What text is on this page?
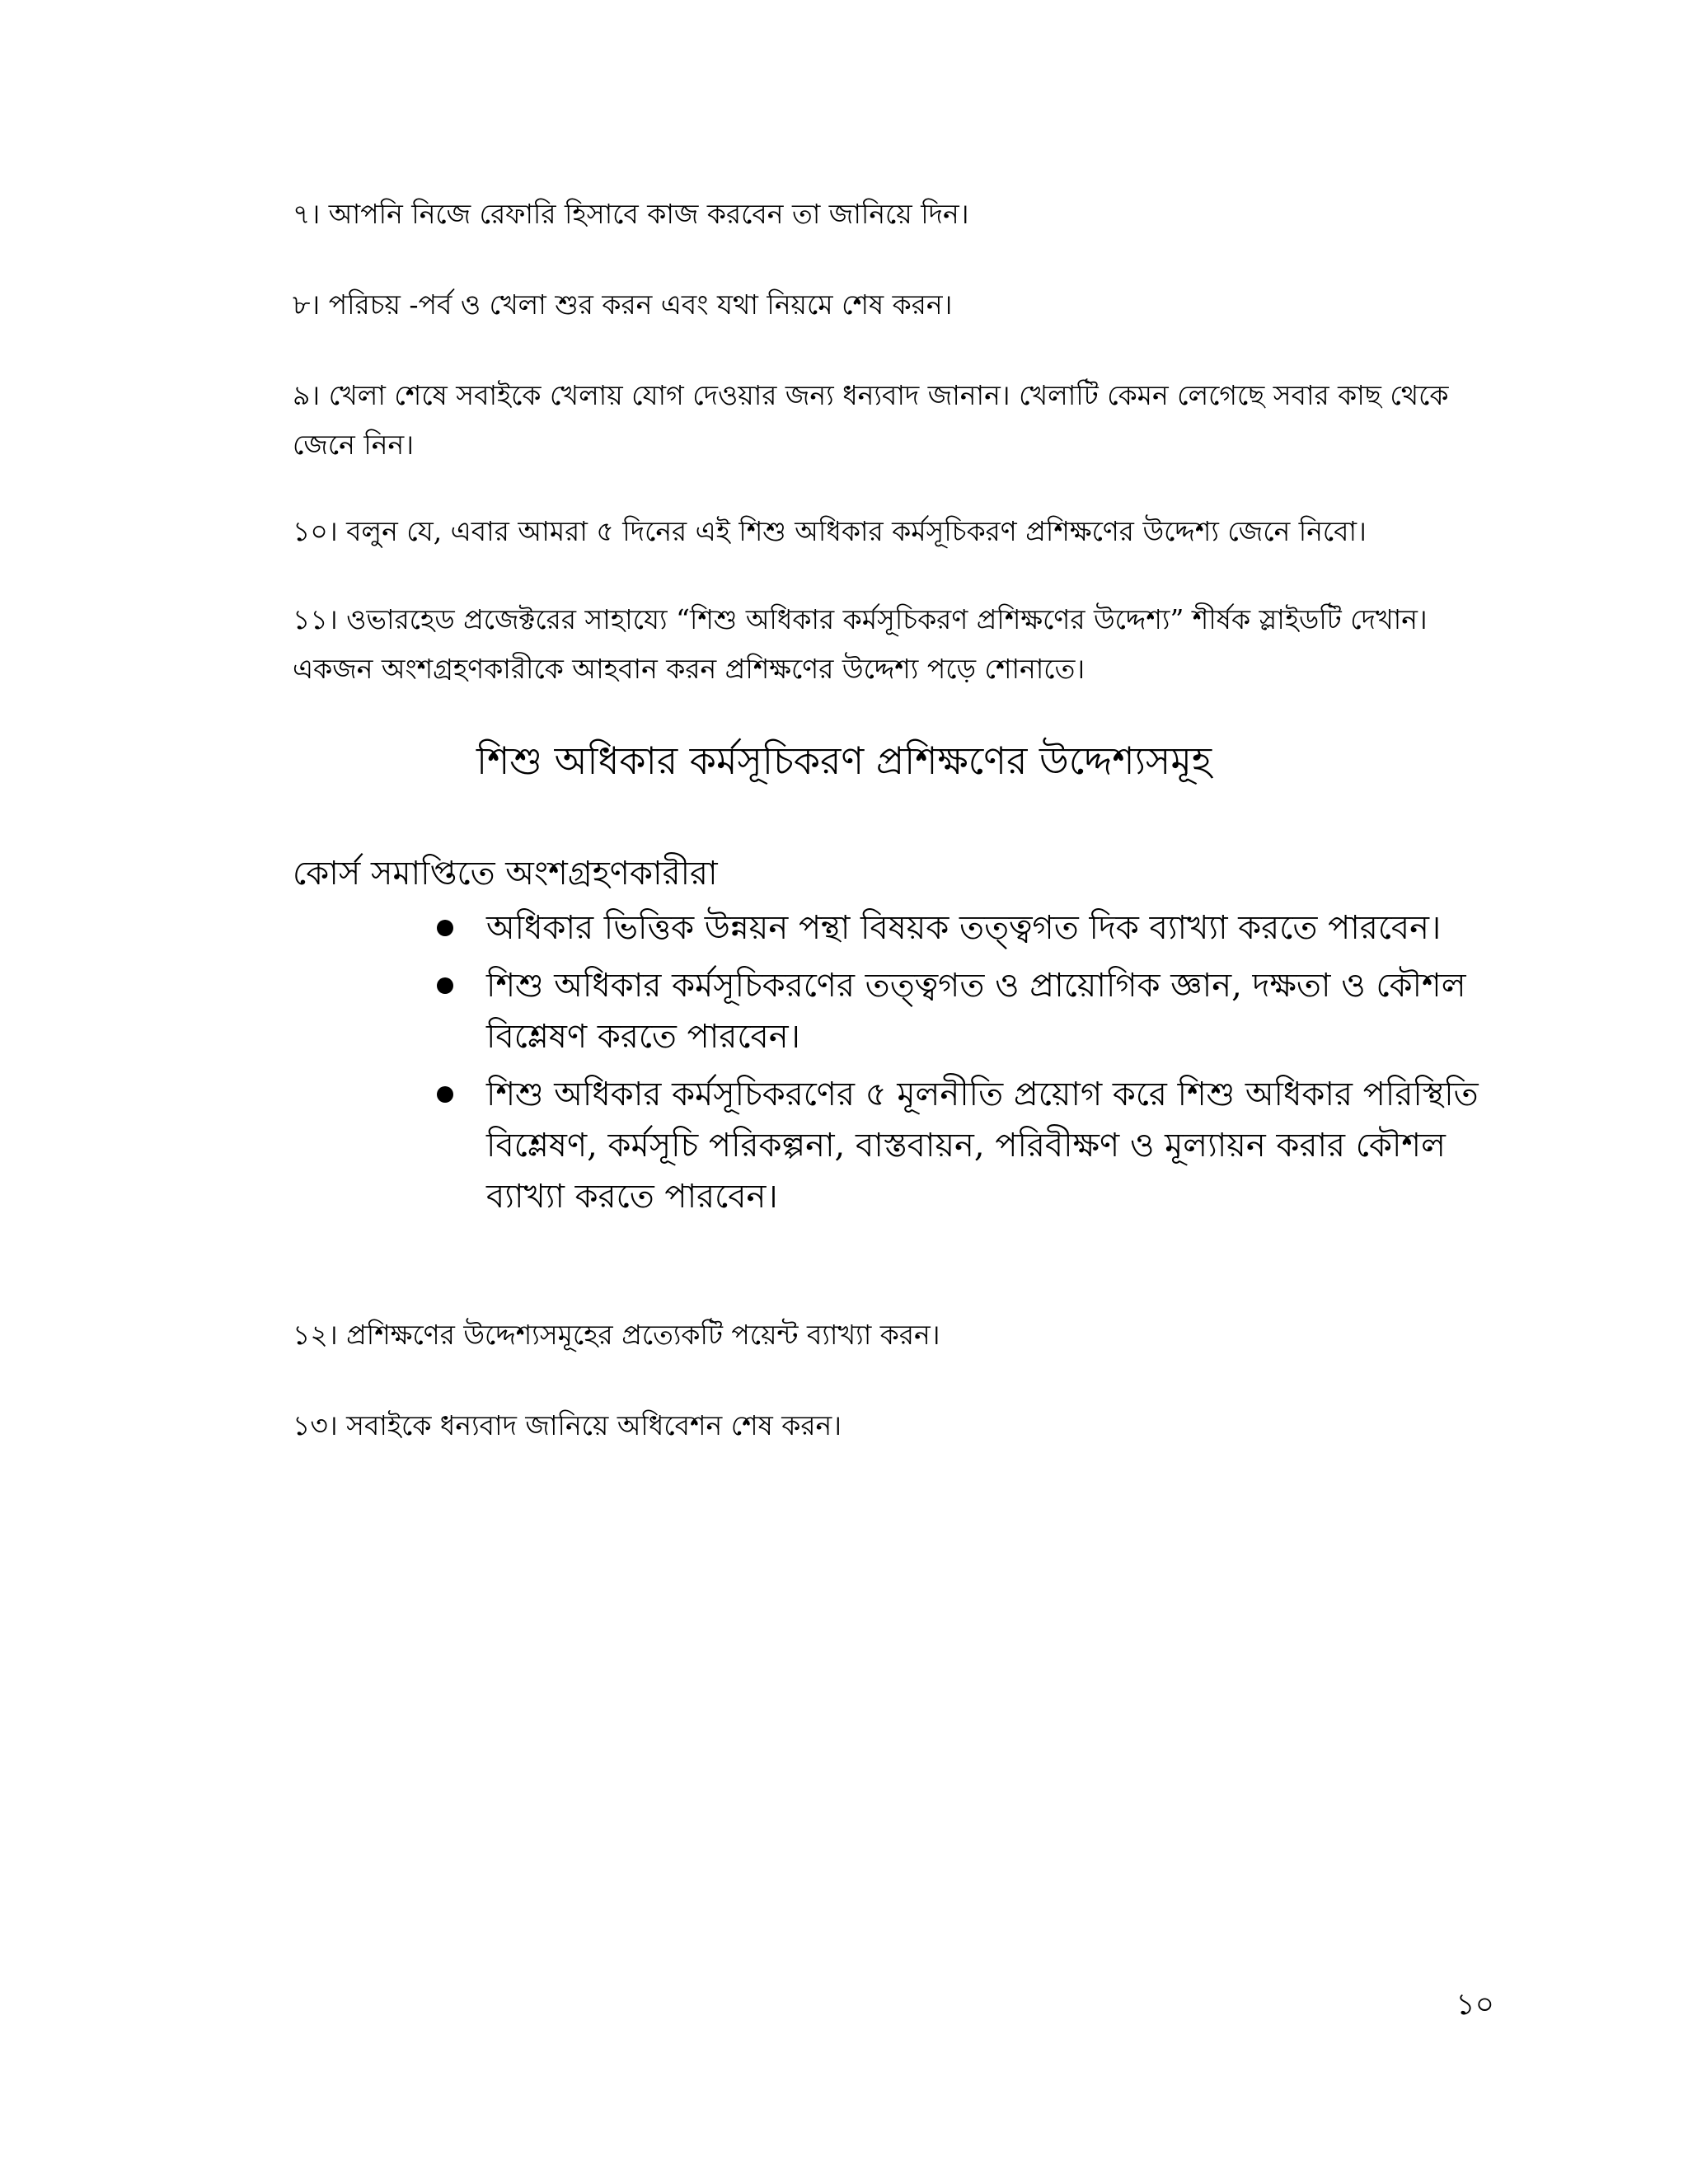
৭। আপনি নিজে রেফারি হিসাবে কাজ করবেন তা জানিয়ে দিন।

৮। পরিচয় -পর্ব ও খেলা শুর করন এবং যথা নিয়মে শেষ করন।

৯। খেলা শেষে সবাইকে খেলায় যোগ দেওয়ার জন্য ধন্যবাদ জানান। খেলাটি কেমন লেগেছে সবার কাছ থেকে জেনে নিন।

১০। বলুন যে, এবার আমরা ৫ দিনের এই শিশু অধিকার কর্মসূচিকরণ প্রশিক্ষণের উদ্দেশ্য জেনে নিবো।

১১। ওভারহেড প্রজেক্টরের সাহায্যে “শিশু অধিকার কর্মসূচিকরণ প্রশিক্ষণের উদ্দেশ্য” শীর্ষক স্লাইডটি দেখান। একজন অংশগ্রহণকারীকে আহবান করন প্রশিক্ষণের উদ্দেশ্য পড়ে শোনাতে।

শিশু অধিকার কর্মসূচিকরণ প্রশিক্ষণের উদ্দেশ্যসমূহ

কোর্স সমাপ্তিতে অংশগ্রহণকারীরা

অধিকার ভিত্তিক উন্নয়ন পন্থা বিষয়ক তত্ত্বগত দিক ব্যাখ্যা করতে পারবেন।
শিশু অধিকার কর্মসূচিকরণের তত্ত্বগত ও প্রায়োগিক জ্ঞান, দক্ষতা ও কৌশল বিশ্লেষণ করতে পারবেন।
শিশু অধিকার কর্মসূচিকরণের ৫ মূলনীতি প্রয়োগ করে শিশু অধিকার পরিস্থিতি বিশ্লেষণ, কর্মসূচি পরিকল্পনা, বাস্তবায়ন, পরিবীক্ষণ ও মূল্যায়ন করার কৌশল ব্যাখ্যা করতে পারবেন।

১২। প্রশিক্ষণের উদ্দেশ্যসমূহের প্রত্যেকটি পয়েন্ট ব্যাখ্যা করন।

১৩। সবাইকে ধন্যবাদ জানিয়ে অধিবেশন শেষ করন।

১০
